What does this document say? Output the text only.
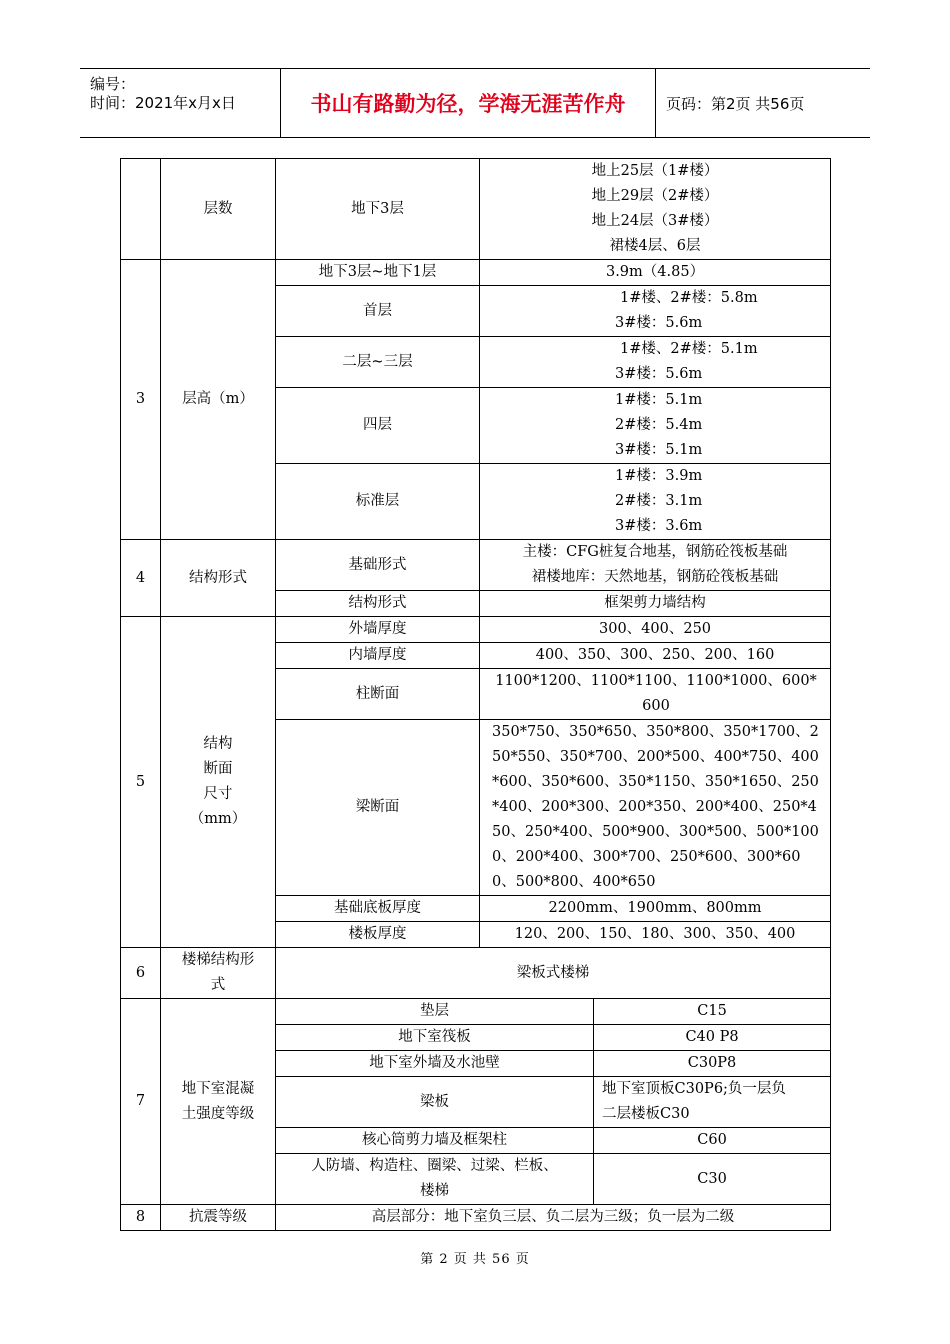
编号：
时间：2021年x月x日	书山有路勤为径，学海无涯苦作舟	页码：第2页 共56页
	层数	地下3层	地上25层（1#楼）
地上29层（2#楼）
地上24层（3#楼）
裙楼4层、6层	

3	层高（m）	地下3层~地下1层	3.9m（4.85）	
		首层	1#楼、2#楼：5.8m
3#楼：5.6m	

		二层~三层	1#楼、2#楼：5.1m
3#楼：5.6m	

		四层	1#楼：5.1m
2#楼：5.4m
3#楼：5.1m	

		标准层	1#楼：3.9m
2#楼：3.1m
3#楼：3.6m	

4	结构形式	基础形式	主楼：CFG桩复合地基，钢筋砼筏板基础
裙楼地库：天然地基，钢筋砼筏板基础	

		结构形式	框架剪力墙结构	
5	结构
断面
尺寸
（mm）	外墙厚度	300、400、250	
		内墙厚度	400、350、300、250、200、160	
		柱断面	1100*1200、1100*1100、1100*1000、600*600	
		梁断面	350*750、350*650、350*800、350*1700、250*550、350*700、200*500、400*750、400*600、350*600、350*1150、350*1650、250*400、200*300、200*350、200*400、250*450、250*400、500*900、300*500、500*1000、200*400、300*700、250*600、300*600、500*800、400*650	
		基础底板厚度	2200mm、1900mm、800mm	
		楼板厚度	120、200、150、180、300、350、400	
6	楼梯结构形
式	梁板式楼梯		
7	地下室混凝
土强度等级	垫层		C15
		地下室筏板		C40 P8
		地下室外墙及水池壁		C30P8
		梁板		地下室顶板C30P6;负一层负
二层楼板C30

		核心筒剪力墙及框架柱		C60

		人防墙、构造柱、圈梁、过梁、栏板、
楼梯		C30
8	抗震等级	高层部分：地下室负三层、负二层为三级；负一层为二级		
第 2 页 共 56 页
